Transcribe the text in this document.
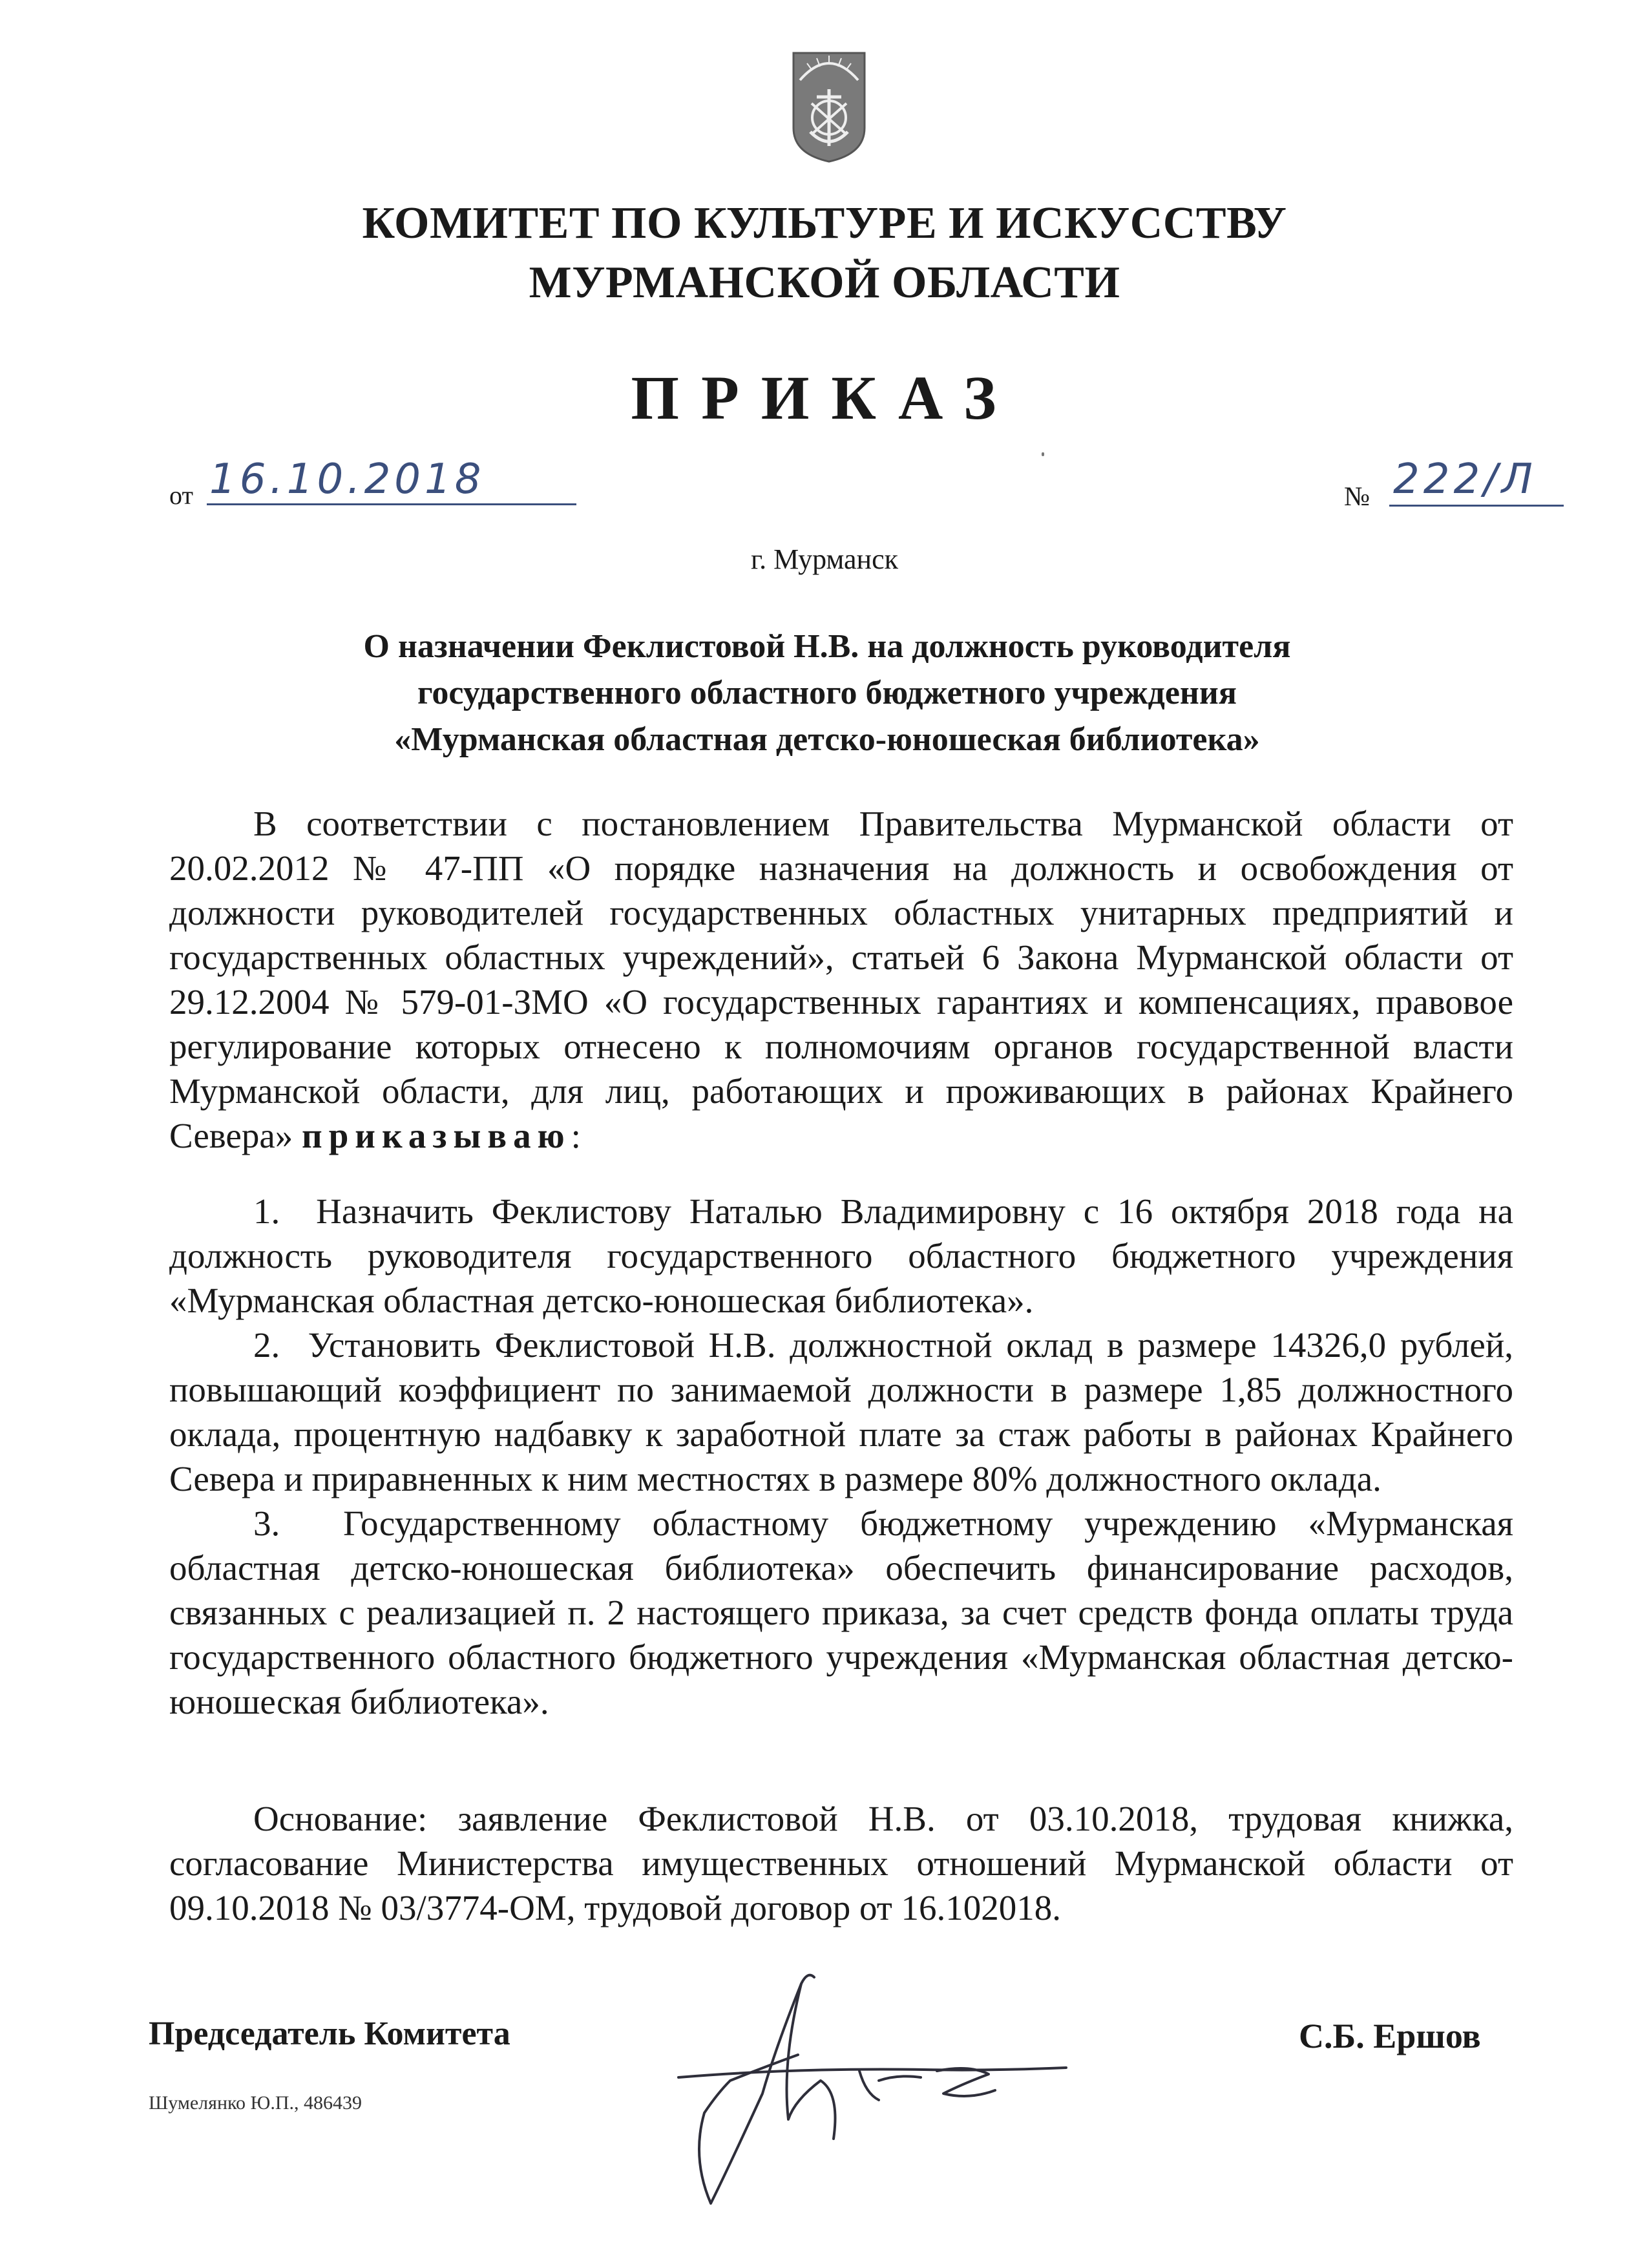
КОМИТЕТ ПО КУЛЬТУРЕ И ИСКУССТВУ
МУРМАНСКОЙ ОБЛАСТИ
ПРИКАЗ
от 16.10.2018	№ 222/Л
г. Мурманск
О назначении Феклистовой Н.В. на должность руководителя
государственного областного бюджетного учреждения
«Мурманская областная детско-юношеская библиотека»

В соответствии с постановлением Правительства Мурманской области от 20.02.2012 № 47-ПП «О порядке назначения на должность и освобождения от должности руководителей государственных областных унитарных предприятий и государственных областных учреждений», статьей 6 Закона Мурманской области от 29.12.2004 № 579-01-ЗМО «О государственных гарантиях и компенсациях, правовое регулирование которых отнесено к полномочиям органов государственной власти Мурманской области, для лиц, работающих и проживающих в районах Крайнего Севера» приказываю:

1. Назначить Феклистову Наталью Владимировну с 16 октября 2018 года на должность руководителя государственного областного бюджетного учреждения «Мурманская областная детско-юношеская библиотека».

2. Установить Феклистовой Н.В. должностной оклад в размере 14326,0 рублей, повышающий коэффициент по занимаемой должности в размере 1,85 должностного оклада, процентную надбавку к заработной плате за стаж работы в районах Крайнего Севера и приравненных к ним местностях в размере 80% должностного оклада.

3. Государственному областному бюджетному учреждению «Мурманская областная детско-юношеская библиотека» обеспечить финансирование расходов, связанных с реализацией п. 2 настоящего приказа, за счет средств фонда оплаты труда государственного областного бюджетного учреждения «Мурманская областная детско-юношеская библиотека».

Основание: заявление Феклистовой Н.В. от 03.10.2018, трудовая книжка, согласование Министерства имущественных отношений Мурманской области от 09.10.2018 № 03/3774-ОМ, трудовой договор от 16.102018.

Председатель Комитета	С.Б. Ершов
Шумелянко Ю.П., 486439
